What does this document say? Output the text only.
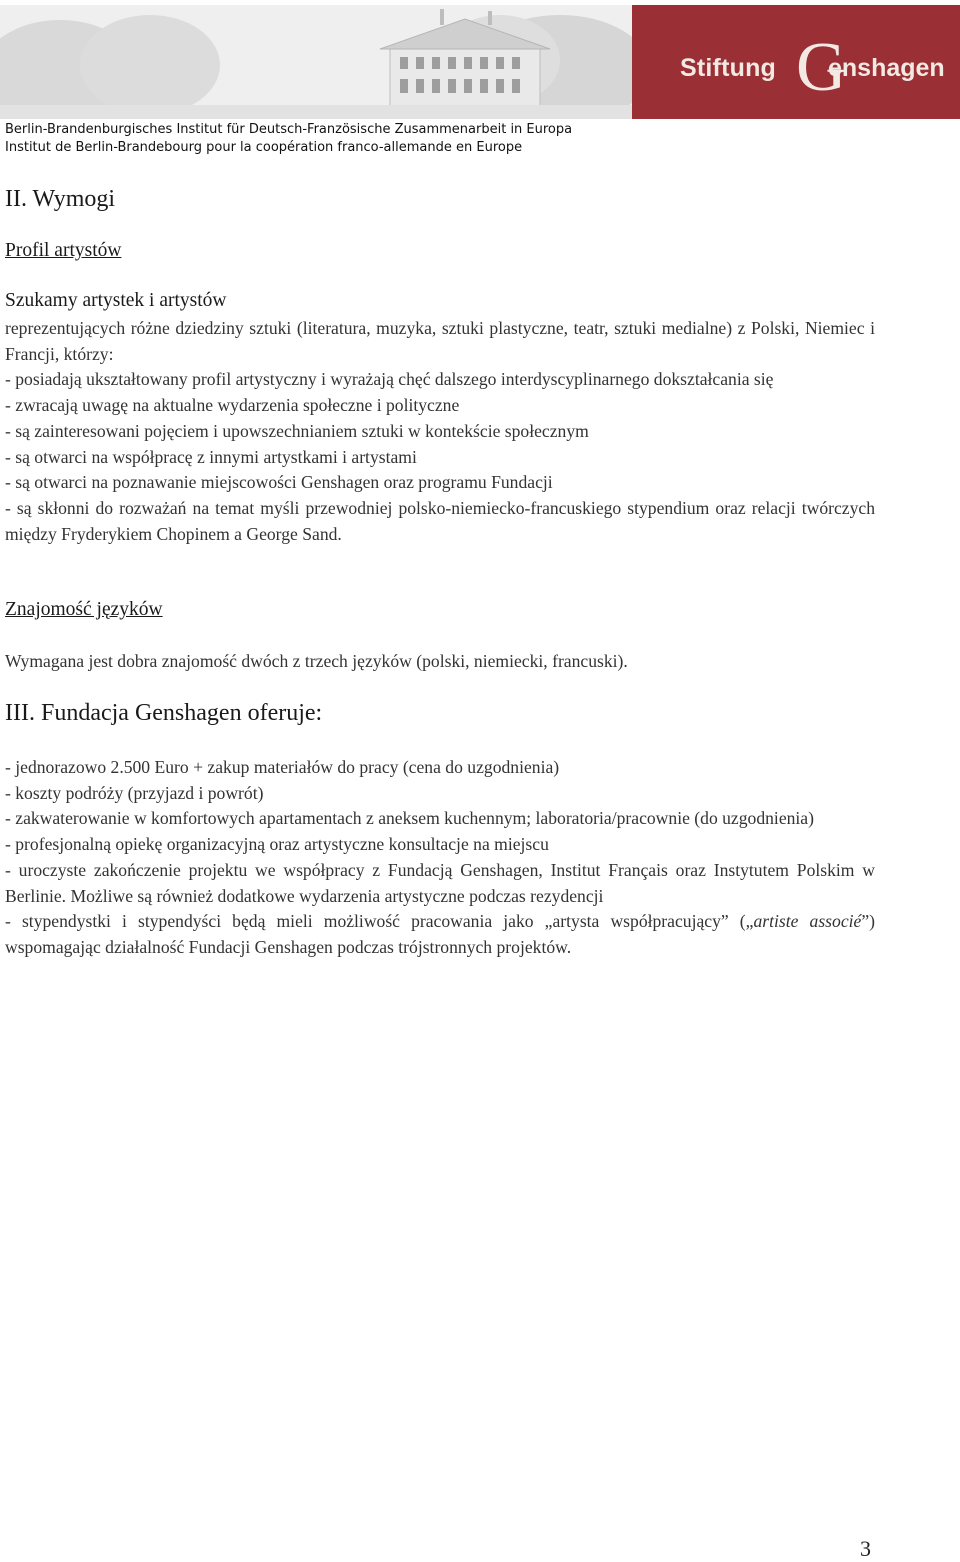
Stiftung G
enshagen
Berlin-Brandenburgisches Institut für Deutsch-Französische Zusammenarbeit in Europa
Institut de Berlin-Brandebourg pour la coopération franco-allemande en Europe
II. Wymogi
Profil artystów
Szukamy artystek i artystów
reprezentujących różne dziedziny sztuki (literatura, muzyka, sztuki plastyczne, teatr, sztuki medialne) z Polski, Niemiec i Francji, którzy:
- posiadają ukształtowany profil artystyczny i wyrażają chęć dalszego interdyscyplinarnego dokształcania się
- zwracają uwagę na aktualne wydarzenia społeczne i polityczne
- są zainteresowani pojęciem i upowszechnianiem sztuki w kontekście społecznym
- są otwarci na współpracę z innymi artystkami i artystami
- są otwarci na poznawanie miejscowości Genshagen oraz programu Fundacji
- są skłonni do rozważań na temat myśli przewodniej polsko-niemiecko-francuskiego stypendium oraz relacji twórczych między Fryderykiem Chopinem a George Sand.
Znajomość języków
Wymagana jest dobra znajomość dwóch z trzech języków (polski, niemiecki, francuski).
III. Fundacja Genshagen oferuje:
- jednorazowo 2.500 Euro + zakup materiałów do pracy (cena do uzgodnienia)
- koszty podróży (przyjazd i powrót)
- zakwaterowanie w komfortowych apartamentach z aneksem kuchennym; laboratoria/pracownie (do uzgodnienia)
- profesjonalną opiekę organizacyjną oraz artystyczne konsultacje na miejscu
- uroczyste zakończenie projektu we współpracy z Fundacją Genshagen, Institut Français oraz Instytutem Polskim w Berlinie. Możliwe są również dodatkowe wydarzenia artystyczne podczas rezydencji
- stypendystki i stypendyści będą mieli możliwość pracowania jako „artysta współpracujący” („artiste associé”) wspomagając działalność Fundacji Genshagen podczas trójstronnych projektów.
3
